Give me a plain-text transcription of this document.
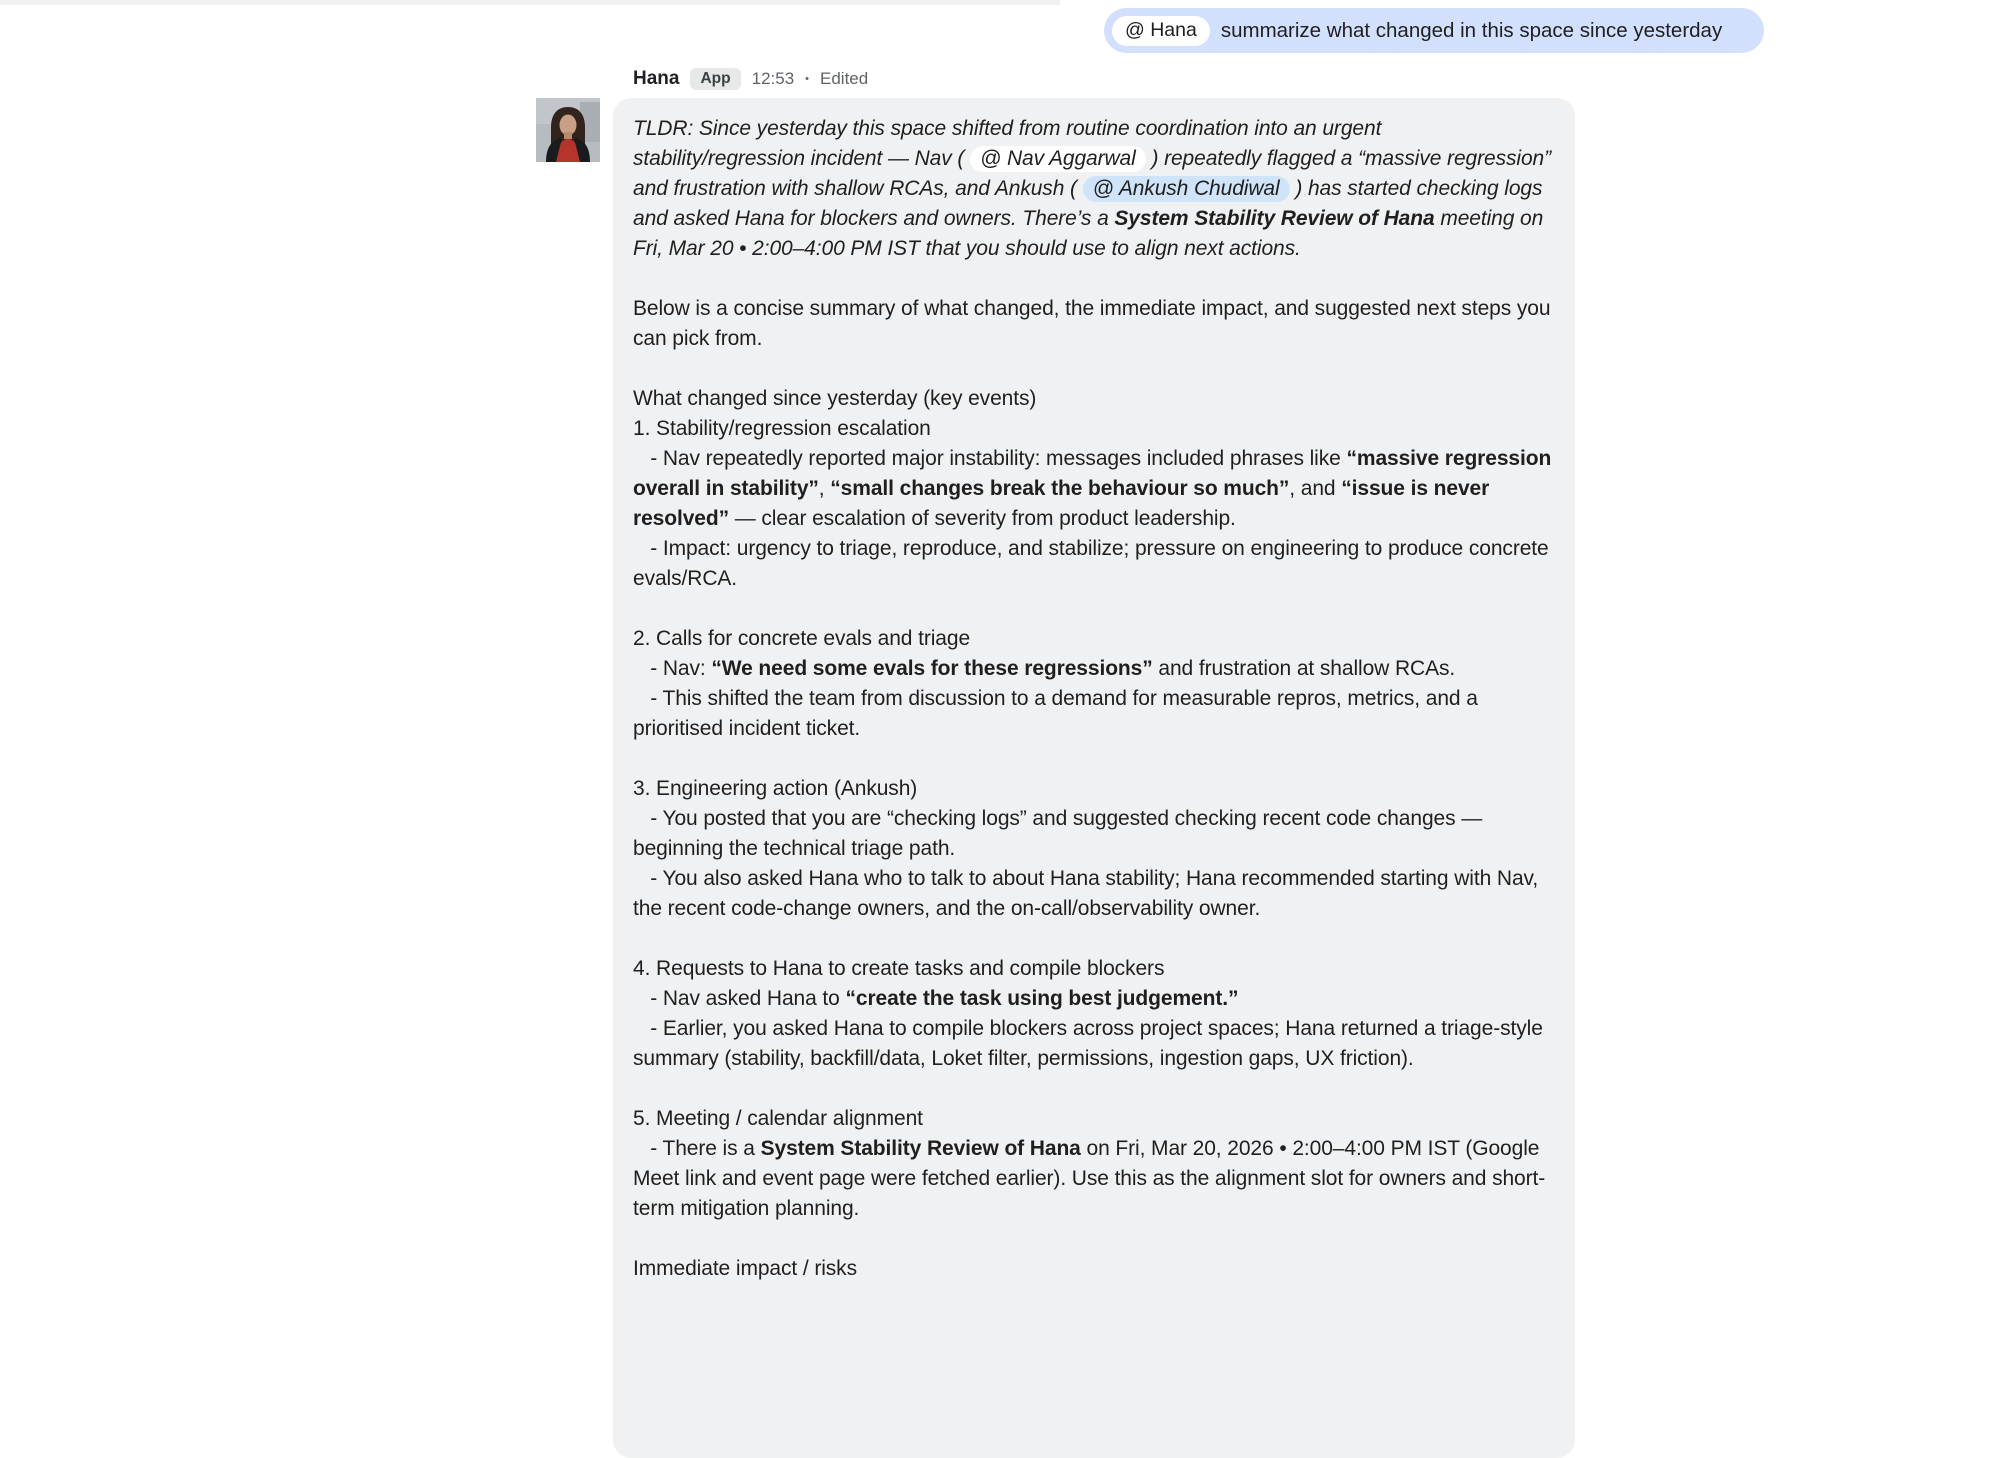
@ Hana	summarize what changed in this space since yesterday
Hana	App	12:53 • Edited
TLDR: Since yesterday this space shifted from routine coordination into an urgent stability/regression incident — Nav ( @ Nav Aggarwal ) repeatedly flagged a “massive regression” and frustration with shallow RCAs, and Ankush ( @ Ankush Chudiwal ) has started checking logs and asked Hana for blockers and owners. There’s a System Stability Review of Hana meeting on Fri, Mar 20 • 2:00–4:00 PM IST that you should use to align next actions.
Below is a concise summary of what changed, the immediate impact, and suggested next steps you can pick from.
What changed since yesterday (key events)
1. Stability/regression escalation
- Nav repeatedly reported major instability: messages included phrases like “massive regression overall in stability”, “small changes break the behaviour so much”, and “issue is never resolved” — clear escalation of severity from product leadership.
- Impact: urgency to triage, reproduce, and stabilize; pressure on engineering to produce concrete evals/RCA.
2. Calls for concrete evals and triage
- Nav: “We need some evals for these regressions” and frustration at shallow RCAs.
- This shifted the team from discussion to a demand for measurable repros, metrics, and a prioritised incident ticket.
3. Engineering action (Ankush)
- You posted that you are “checking logs” and suggested checking recent code changes — beginning the technical triage path.
- You also asked Hana who to talk to about Hana stability; Hana recommended starting with Nav, the recent code-change owners, and the on-call/observability owner.
4. Requests to Hana to create tasks and compile blockers
- Nav asked Hana to “create the task using best judgement.”
- Earlier, you asked Hana to compile blockers across project spaces; Hana returned a triage-style summary (stability, backfill/data, Loket filter, permissions, ingestion gaps, UX friction).
5. Meeting / calendar alignment
- There is a System Stability Review of Hana on Fri, Mar 20, 2026 • 2:00–4:00 PM IST (Google Meet link and event page were fetched earlier). Use this as the alignment slot for owners and short-term mitigation planning.
Immediate impact / risks
